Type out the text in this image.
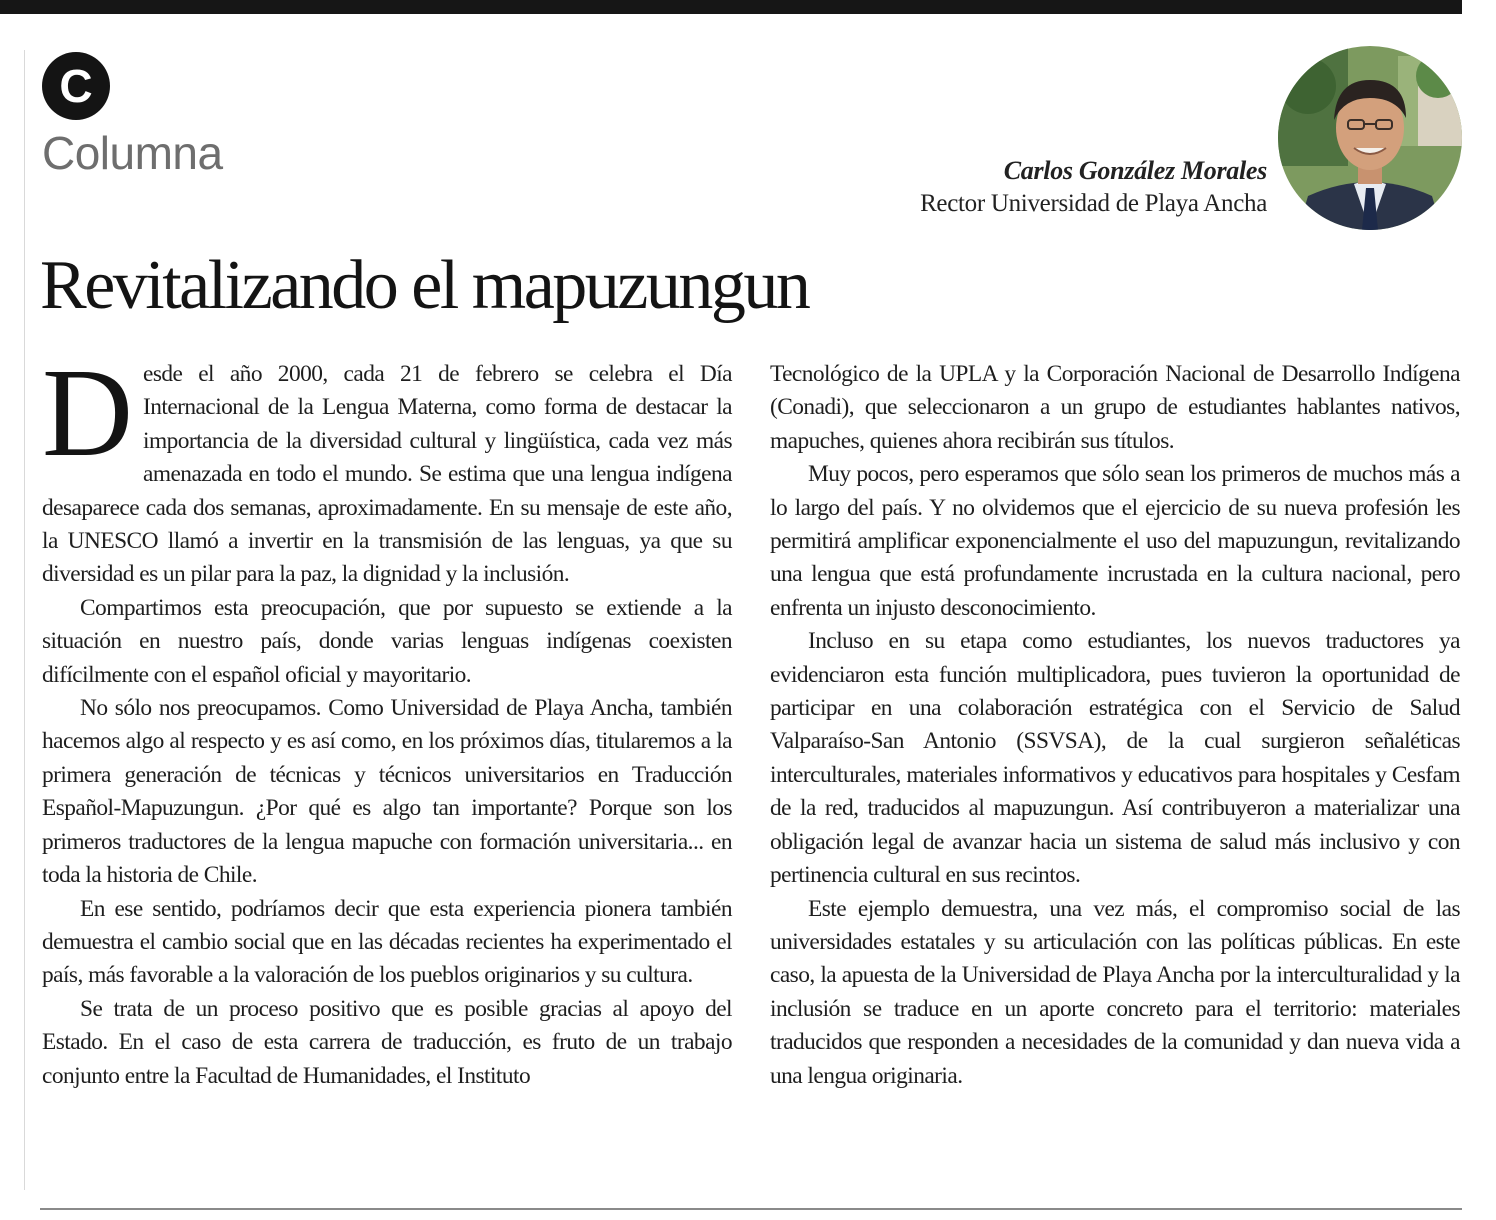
C
Columna	Carlos González Morales
Rector Universidad de Playa Ancha
Revitalizando el mapuzungun

Desde el año 2000, cada 21 de febrero se celebra el Día Internacional de la Lengua Materna, como forma de destacar la importancia de la diversidad cultural y lingüística, cada vez más amenazada en todo el mundo. Se estima que una lengua indígena desaparece cada dos semanas, aproximadamente. En su mensaje de este año, la UNESCO llamó a invertir en la transmisión de las lenguas, ya que su diversidad es un pilar para la paz, la dignidad y la inclusión.

Compartimos esta preocupación, que por supuesto se extiende a la situación en nuestro país, donde varias lenguas indígenas coexisten difícilmente con el español oficial y mayoritario.

No sólo nos preocupamos. Como Universidad de Playa Ancha, también hacemos algo al respecto y es así como, en los próximos días, titularemos a la primera generación de técnicas y técnicos universitarios en Traducción Español-Mapuzungun. ¿Por qué es algo tan importante? Porque son los primeros traductores de la lengua mapuche con formación universitaria... en toda la historia de Chile.

En ese sentido, podríamos decir que esta experiencia pionera también demuestra el cambio social que en las décadas recientes ha experimentado el país, más favorable a la valoración de los pueblos originarios y su cultura.

Se trata de un proceso positivo que es posible gracias al apoyo del Estado. En el caso de esta carrera de traducción, es fruto de un trabajo conjunto entre la Facultad de Humanidades, el Instituto

Tecnológico de la UPLA y la Corporación Nacional de Desarrollo Indígena (Conadi), que seleccionaron a un grupo de estudiantes hablantes nativos, mapuches, quienes ahora recibirán sus títulos.

Muy pocos, pero esperamos que sólo sean los primeros de muchos más a lo largo del país. Y no olvidemos que el ejercicio de su nueva profesión les permitirá amplificar exponencialmente el uso del mapuzungun, revitalizando una lengua que está profundamente incrustada en la cultura nacional, pero enfrenta un injusto desconocimiento.

Incluso en su etapa como estudiantes, los nuevos traductores ya evidenciaron esta función multiplicadora, pues tuvieron la oportunidad de participar en una colaboración estratégica con el Servicio de Salud Valparaíso-San Antonio (SSVSA), de la cual surgieron señaléticas interculturales, materiales informativos y educativos para hospitales y Cesfam de la red, traducidos al mapuzungun. Así contribuyeron a materializar una obligación legal de avanzar hacia un sistema de salud más inclusivo y con pertinencia cultural en sus recintos.

Este ejemplo demuestra, una vez más, el compromiso social de las universidades estatales y su articulación con las políticas públicas. En este caso, la apuesta de la Universidad de Playa Ancha por la interculturalidad y la inclusión se traduce en un aporte concreto para el territorio: materiales traducidos que responden a necesidades de la comunidad y dan nueva vida a una lengua originaria.
